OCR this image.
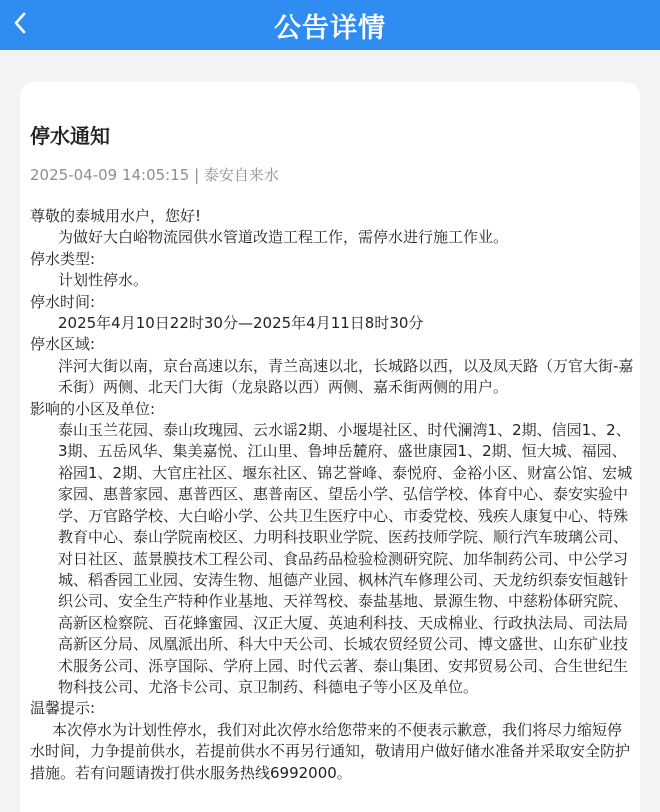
公告详情
停水通知
2025-04-09 14:05:15 | 泰安自来水

尊敬的泰城用水户，您好!

为做好大白峪物流园供水管道改造工程工作，需停水进行施工作业。

停水类型:

计划性停水。

停水时间:

2025年4月10日22时30分—2025年4月11日8时30分

停水区域:

泮河大街以南，京台高速以东，青兰高速以北，长城路以西，以及凤天路（万官大街-嘉禾街）两侧、北天门大街（龙泉路以西）两侧、嘉禾街两侧的用户。

影响的小区及单位:

泰山玉兰花园、泰山玫瑰园、云水谣2期、小堰堤社区、时代澜湾1、2期、信园1、2、3期、五岳风华、集美嘉悦、江山里、鲁坤岳麓府、盛世康园1、2期、恒大城、福园、裕园1、2期、大官庄社区、堰东社区、锦艺誉峰、泰悦府、金裕小区、财富公馆、宏城家园、惠普家园、惠普西区、惠普南区、望岳小学、弘信学校、体育中心、泰安实验中学、万官路学校、大白峪小学、公共卫生医疗中心、市委党校、残疾人康复中心、特殊教育中心、泰山学院南校区、力明科技职业学院、医药技师学院、顺行汽车玻璃公司、对日社区、蓝景膜技术工程公司、食品药品检验检测研究院、加华制药公司、中公学习城、稻香园工业园、安涛生物、旭德产业园、枫林汽车修理公司、天龙纺织泰安恒越针织公司、安全生产特种作业基地、天祥驾校、泰盐基地、景源生物、中慈粉体研究院、高新区检察院、百花蜂蜜园、汉正大厦、英迪利科技、天成棉业、行政执法局、司法局高新区分局、凤凰派出所、科大中天公司、长城农贸经贸公司、博文盛世、山东矿业技术服务公司、泺亨国际、学府上园、时代云著、泰山集团、安邦贸易公司、合生世纪生物科技公司、尤洛卡公司、京卫制药、科德电子等小区及单位。

温馨提示:

本次停水为计划性停水，我们对此次停水给您带来的不便表示歉意，我们将尽力缩短停水时间，力争提前供水，若提前供水不再另行通知，敬请用户做好储水准备并采取安全防护措施。若有问题请拨打供水服务热线6992000。
